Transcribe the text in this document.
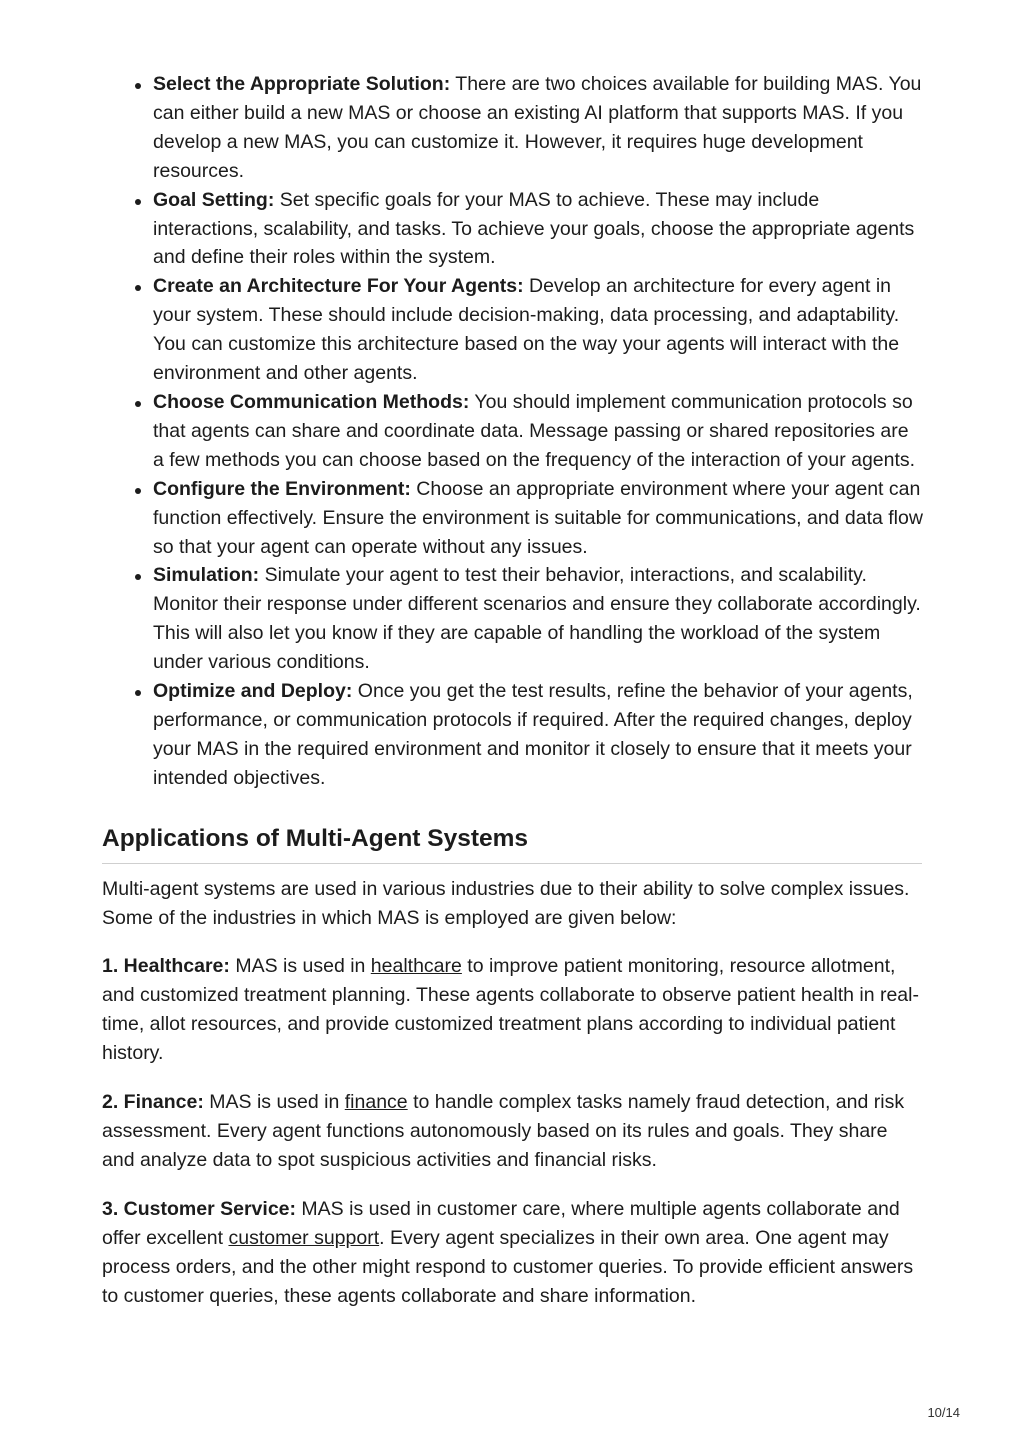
Select the Appropriate Solution: There are two choices available for building MAS. You can either build a new MAS or choose an existing AI platform that supports MAS. If you develop a new MAS, you can customize it. However, it requires huge development resources.
Goal Setting: Set specific goals for your MAS to achieve. These may include interactions, scalability, and tasks. To achieve your goals, choose the appropriate agents and define their roles within the system.
Create an Architecture For Your Agents: Develop an architecture for every agent in your system. These should include decision-making, data processing, and adaptability. You can customize this architecture based on the way your agents will interact with the environment and other agents.
Choose Communication Methods: You should implement communication protocols so that agents can share and coordinate data. Message passing or shared repositories are a few methods you can choose based on the frequency of the interaction of your agents.
Configure the Environment: Choose an appropriate environment where your agent can function effectively. Ensure the environment is suitable for communications, and data flow so that your agent can operate without any issues.
Simulation: Simulate your agent to test their behavior, interactions, and scalability. Monitor their response under different scenarios and ensure they collaborate accordingly. This will also let you know if they are capable of handling the workload of the system under various conditions.
Optimize and Deploy: Once you get the test results, refine the behavior of your agents, performance, or communication protocols if required. After the required changes, deploy your MAS in the required environment and monitor it closely to ensure that it meets your intended objectives.
Applications of Multi-Agent Systems

Multi-agent systems are used in various industries due to their ability to solve complex issues. Some of the industries in which MAS is employed are given below:

1. Healthcare: MAS is used in healthcare to improve patient monitoring, resource allotment, and customized treatment planning. These agents collaborate to observe patient health in real-time, allot resources, and provide customized treatment plans according to individual patient history.

2. Finance: MAS is used in finance to handle complex tasks namely fraud detection, and risk assessment. Every agent functions autonomously based on its rules and goals. They share and analyze data to spot suspicious activities and financial risks.

3. Customer Service: MAS is used in customer care, where multiple agents collaborate and offer excellent customer support. Every agent specializes in their own area. One agent may process orders, and the other might respond to customer queries. To provide efficient answers to customer queries, these agents collaborate and share information.

10/14
